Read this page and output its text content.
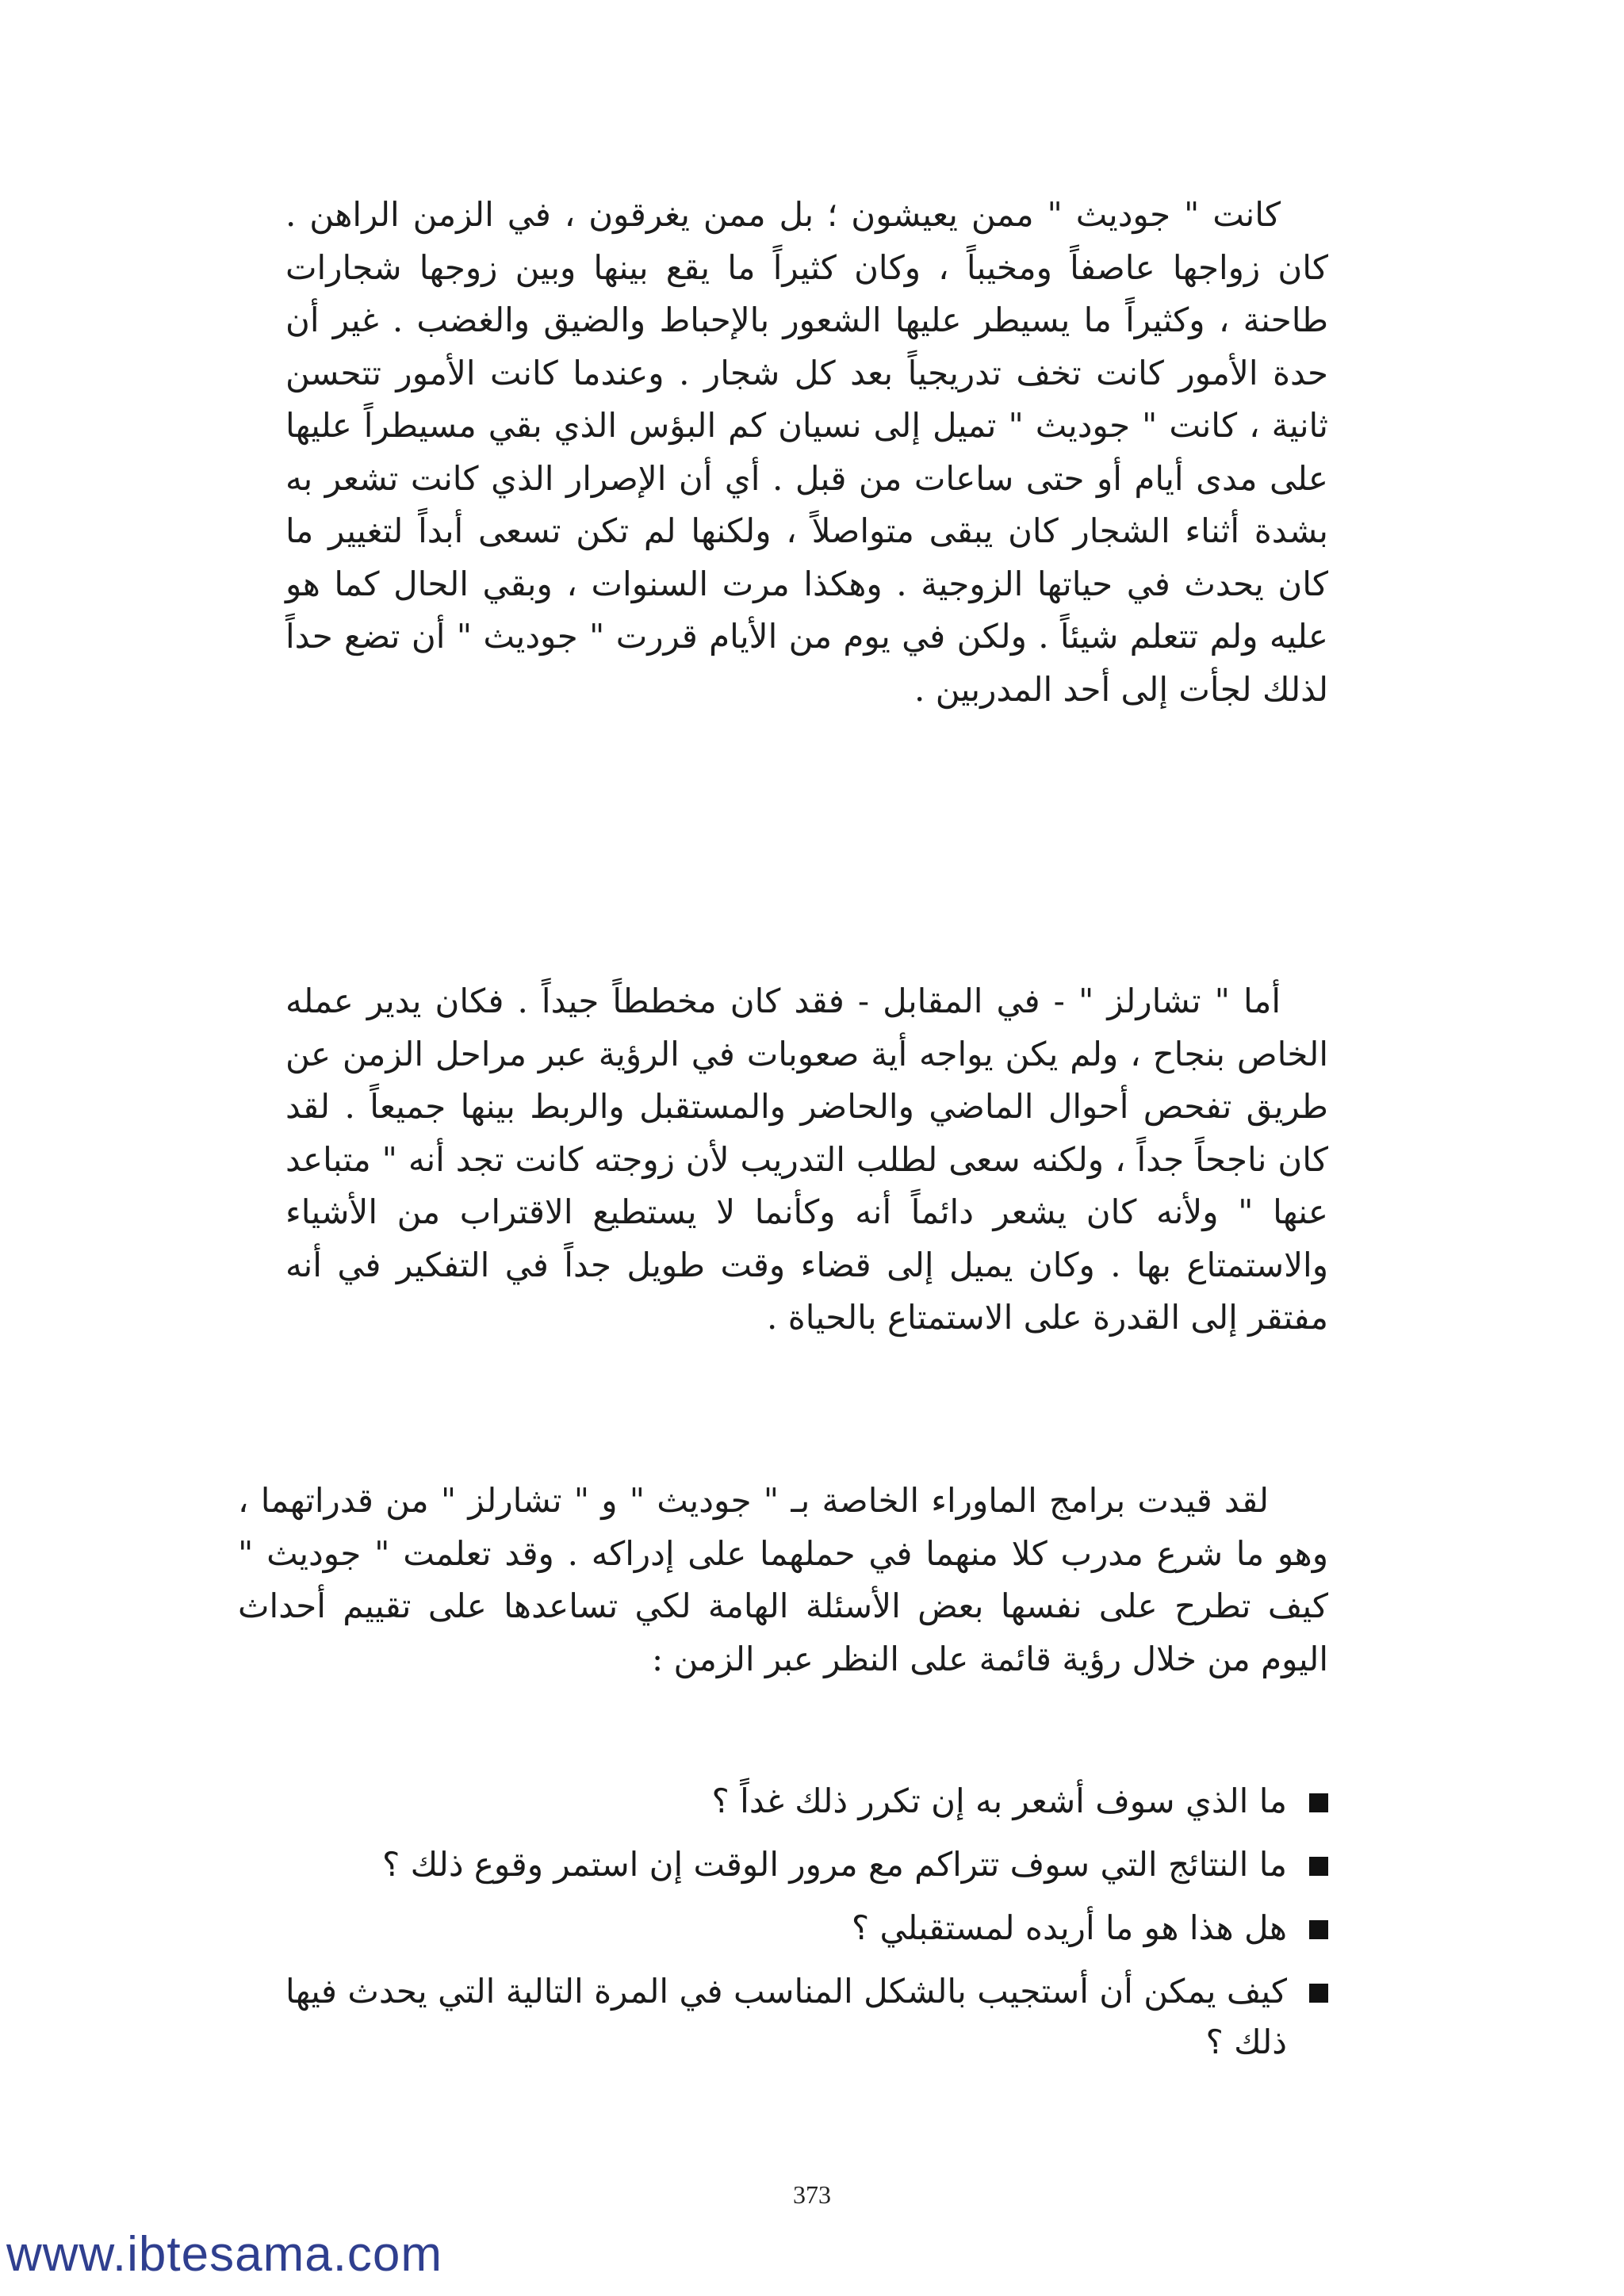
كانت " جوديث " ممن يعيشون ؛ بل ممن يغرقون ، في الزمن الراهن . كان زواجها عاصفاً ومخيباً ، وكان كثيراً ما يقع بينها وبين زوجها شجارات طاحنة ، وكثيراً ما يسيطر عليها الشعور بالإحباط والضيق والغضب . غير أن حدة الأمور كانت تخف تدريجياً بعد كل شجار . وعندما كانت الأمور تتحسن ثانية ، كانت " جوديث " تميل إلى نسيان كم البؤس الذي بقي مسيطراً عليها على مدى أيام أو حتى ساعات من قبل . أي أن الإصرار الذي كانت تشعر به بشدة أثناء الشجار كان يبقى متواصلاً ، ولكنها لم تكن تسعى أبداً لتغيير ما كان يحدث في حياتها الزوجية . وهكذا مرت السنوات ، وبقي الحال كما هو عليه ولم تتعلم شيئاً . ولكن في يوم من الأيام قررت " جوديث " أن تضع حداً لذلك لجأت إلى أحد المدربين .

أما " تشارلز " - في المقابل - فقد كان مخططاً جيداً . فكان يدير عمله الخاص بنجاح ، ولم يكن يواجه أية صعوبات في الرؤية عبر مراحل الزمن عن طريق تفحص أحوال الماضي والحاضر والمستقبل والربط بينها جميعاً . لقد كان ناجحاً جداً ، ولكنه سعى لطلب التدريب لأن زوجته كانت تجد أنه " متباعد عنها " ولأنه كان يشعر دائماً أنه وكأنما لا يستطيع الاقتراب من الأشياء والاستمتاع بها . وكان يميل إلى قضاء وقت طويل جداً في التفكير في أنه مفتقر إلى القدرة على الاستمتاع بالحياة .

لقد قيدت برامج الماوراء الخاصة بـ " جوديث " و " تشارلز " من قدراتهما ، وهو ما شرع مدرب كلا منهما في حملهما على إدراكه . وقد تعلمت " جوديث " كيف تطرح على نفسها بعض الأسئلة الهامة لكي تساعدها على تقييم أحداث اليوم من خلال رؤية قائمة على النظر عبر الزمن :

ما الذي سوف أشعر به إن تكرر ذلك غداً ؟
ما النتائج التي سوف تتراكم مع مرور الوقت إن استمر وقوع ذلك ؟
هل هذا هو ما أريده لمستقبلي ؟
كيف يمكن أن أستجيب بالشكل المناسب في المرة التالية التي يحدث فيها ذلك ؟
373
www.ibtesama.com
